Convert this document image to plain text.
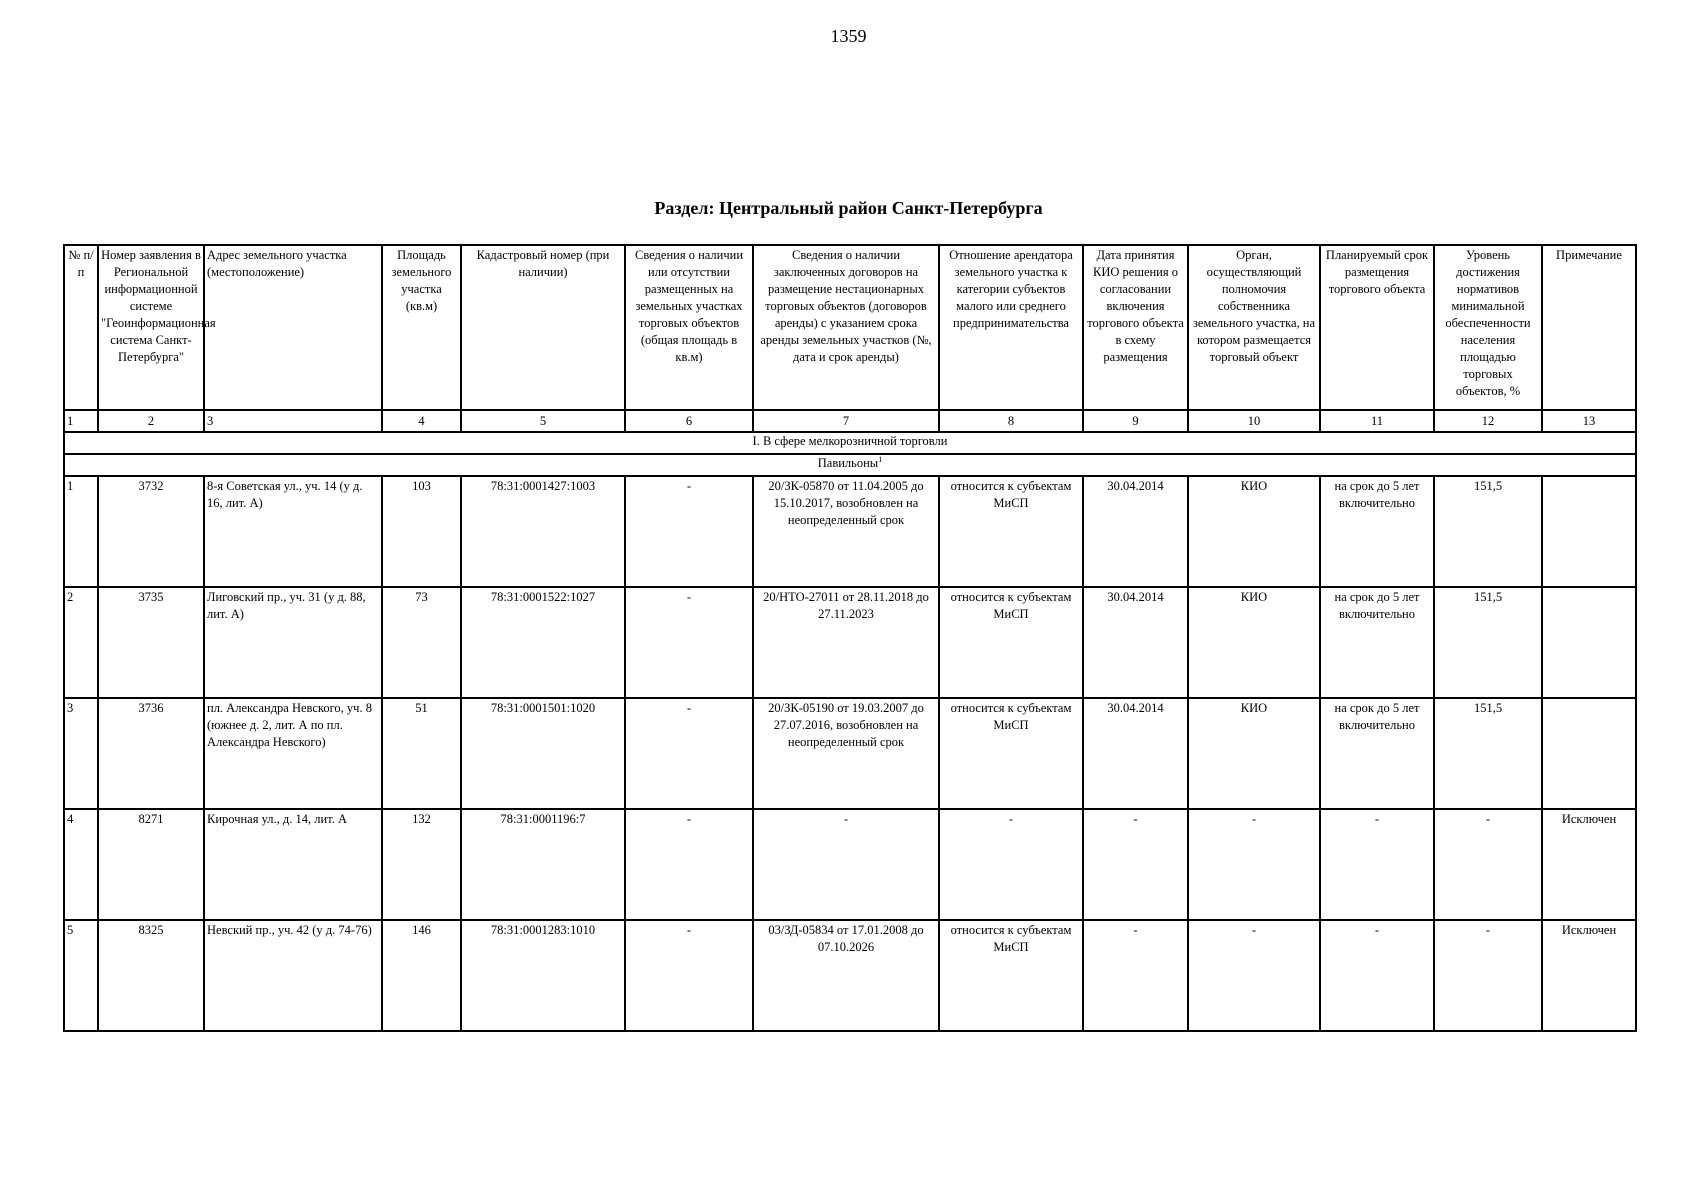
1359
Раздел: Центральный район Санкт-Петербурга
№ п/п	Номер заявления в Региональной информационной системе "Геоинформационная система Санкт-Петербурга"	Адрес земельного участка (местоположение)	Площадь земельного участка (кв.м)	Кадастровый номер (при наличии)	Сведения о наличии или отсутствии размещенных на земельных участках торговых объектов (общая площадь в кв.м)	Сведения о наличии заключенных договоров на размещение нестационарных торговых объектов (договоров аренды) с указанием срока аренды земельных участков (№, дата и срок аренды)	Отношение арендатора земельного участка к категории субъектов малого или среднего предпринимательства	Дата принятия КИО решения о согласовании включения торгового объекта в схему размещения	Орган, осуществляющий полномочия собственника земельного участка, на котором размещается торговый объект	Планируемый срок размещения торгового объекта	Уровень достижения нормативов минимальной обеспеченности населения площадью торговых объектов, %	Примечание
1	2	3	4	5	6	7	8	9	10	11	12	13
I. В сфере мелкорозничной торговли												
Павильоны$^1$
1	3732	8-я Советская ул., уч. 14 (у д. 16, лит. А)	103	78:31:0001427:1003	-	20/ЗК-05870 от 11.04.2005 до 15.10.2017, возобновлен на неопределенный срок	относится к субъектам МиСП	30.04.2014	КИО	на срок до 5 лет включительно	151,5	
2	3735	Лиговский пр., уч. 31 (у д. 88, лит. А)	73	78:31:0001522:1027	-	20/НТО-27011 от 28.11.2018 до 27.11.2023	относится к субъектам МиСП	30.04.2014	КИО	на срок до 5 лет включительно	151,5	
3	3736	пл. Александра Невского, уч. 8 (южнее д. 2, лит. А по пл. Александра Невского)	51	78:31:0001501:1020	-	20/ЗК-05190 от 19.03.2007 до 27.07.2016, возобновлен на неопределенный срок	относится к субъектам МиСП	30.04.2014	КИО	на срок до 5 лет включительно	151,5	
4	8271	Кирочная ул., д. 14, лит. А	132	78:31:0001196:7	-	-	-	-	-	-	-	Исключен
5	8325	Невский пр., уч. 42 (у д. 74-76)	146	78:31:0001283:1010	-	03/ЗД-05834 от 17.01.2008 до 07.10.2026	относится к субъектам МиСП	-	-	-	-	Исключен
